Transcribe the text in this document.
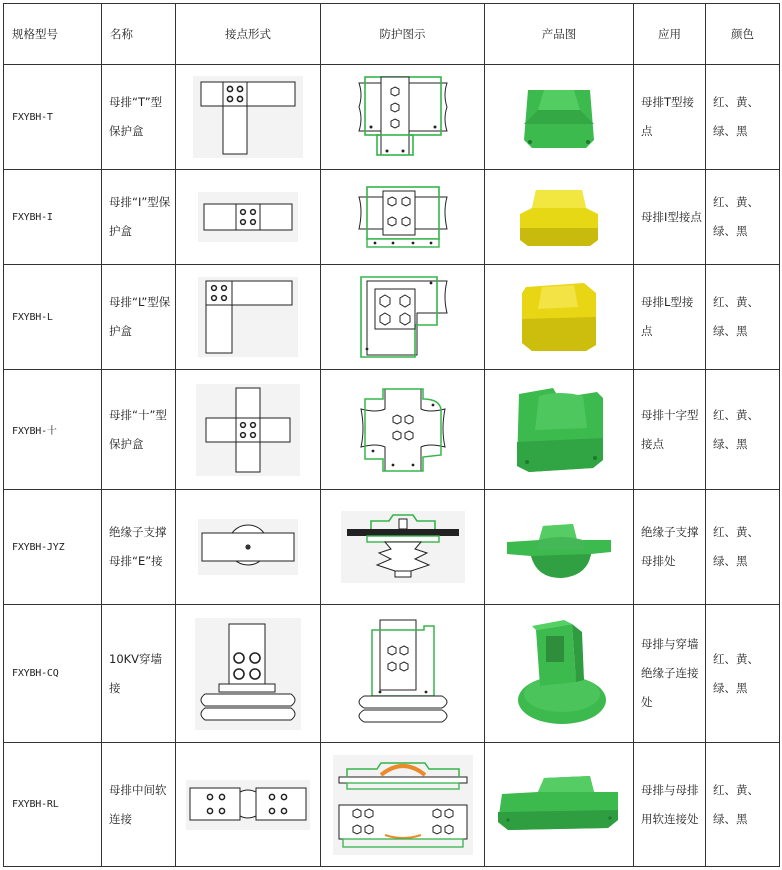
规格型号	名称	接点形式	防护图示	产品图	应用	颜色
FXYBH-T	母排“T”型保护盒				母排T型接点	红、黄、绿、黑
FXYBH-I	母排“I”型保护盒				母排I型接点	红、黄、绿、黑
FXYBH-L	母排“L”型保护盒				母排L型接点	红、黄、绿、黑
FXYBH-十	母排“十”型保护盒				母排十字型接点	红、黄、绿、黑
FXYBH-JYZ	绝缘子支撑母排“E”接				绝缘子支撑母排处	红、黄、绿、黑
FXYBH-CQ	10KV穿墙接				母排与穿墙绝缘子连接处	红、黄、绿、黑
FXYBH-RL	母排中间软连接				母排与母排用软连接处	红、黄、绿、黑
